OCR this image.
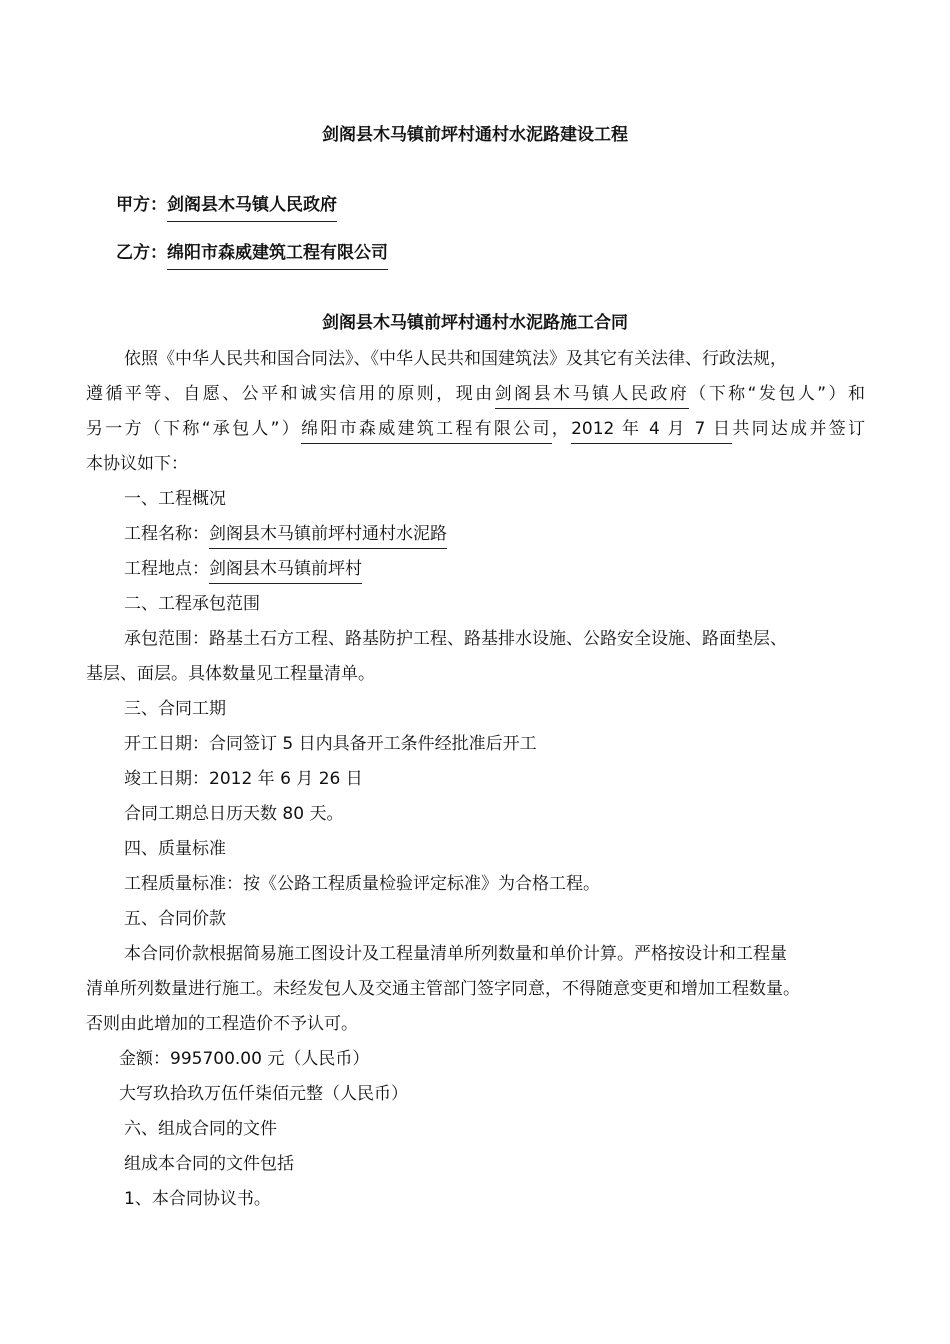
剑阁县木马镇前坪村通村水泥路建设工程
甲方：剑阁县木马镇人民政府
乙方：绵阳市森威建筑工程有限公司
剑阁县木马镇前坪村通村水泥路施工合同
依照《中华人民共和国合同法》、《中华人民共和国建筑法》及其它有关法律、行政法规，
遵循平等、自愿、公平和诚实信用的原则，现由剑阁县木马镇人民政府（下称“发包人”）和
另一方（下称“承包人”）绵阳市森威建筑工程有限公司，2012 年 4 月 7 日共同达成并签订
本协议如下：
一、工程概况
工程名称：剑阁县木马镇前坪村通村水泥路
工程地点：剑阁县木马镇前坪村
二、工程承包范围
承包范围：路基土石方工程、路基防护工程、路基排水设施、公路安全设施、路面垫层、
基层、面层。具体数量见工程量清单。
三、合同工期
开工日期：合同签订 5 日内具备开工条件经批准后开工
竣工日期：2012 年 6 月 26 日
合同工期总日历天数 80 天。
四、质量标准
工程质量标准：按《公路工程质量检验评定标准》为合格工程。
五、合同价款
本合同价款根据简易施工图设计及工程量清单所列数量和单价计算。严格按设计和工程量
清单所列数量进行施工。未经发包人及交通主管部门签字同意，不得随意变更和增加工程数量。
否则由此增加的工程造价不予认可。
金额：995700.00 元（人民币）
大写玖拾玖万伍仟柒佰元整（人民币）
六、组成合同的文件
组成本合同的文件包括
1、本合同协议书。
